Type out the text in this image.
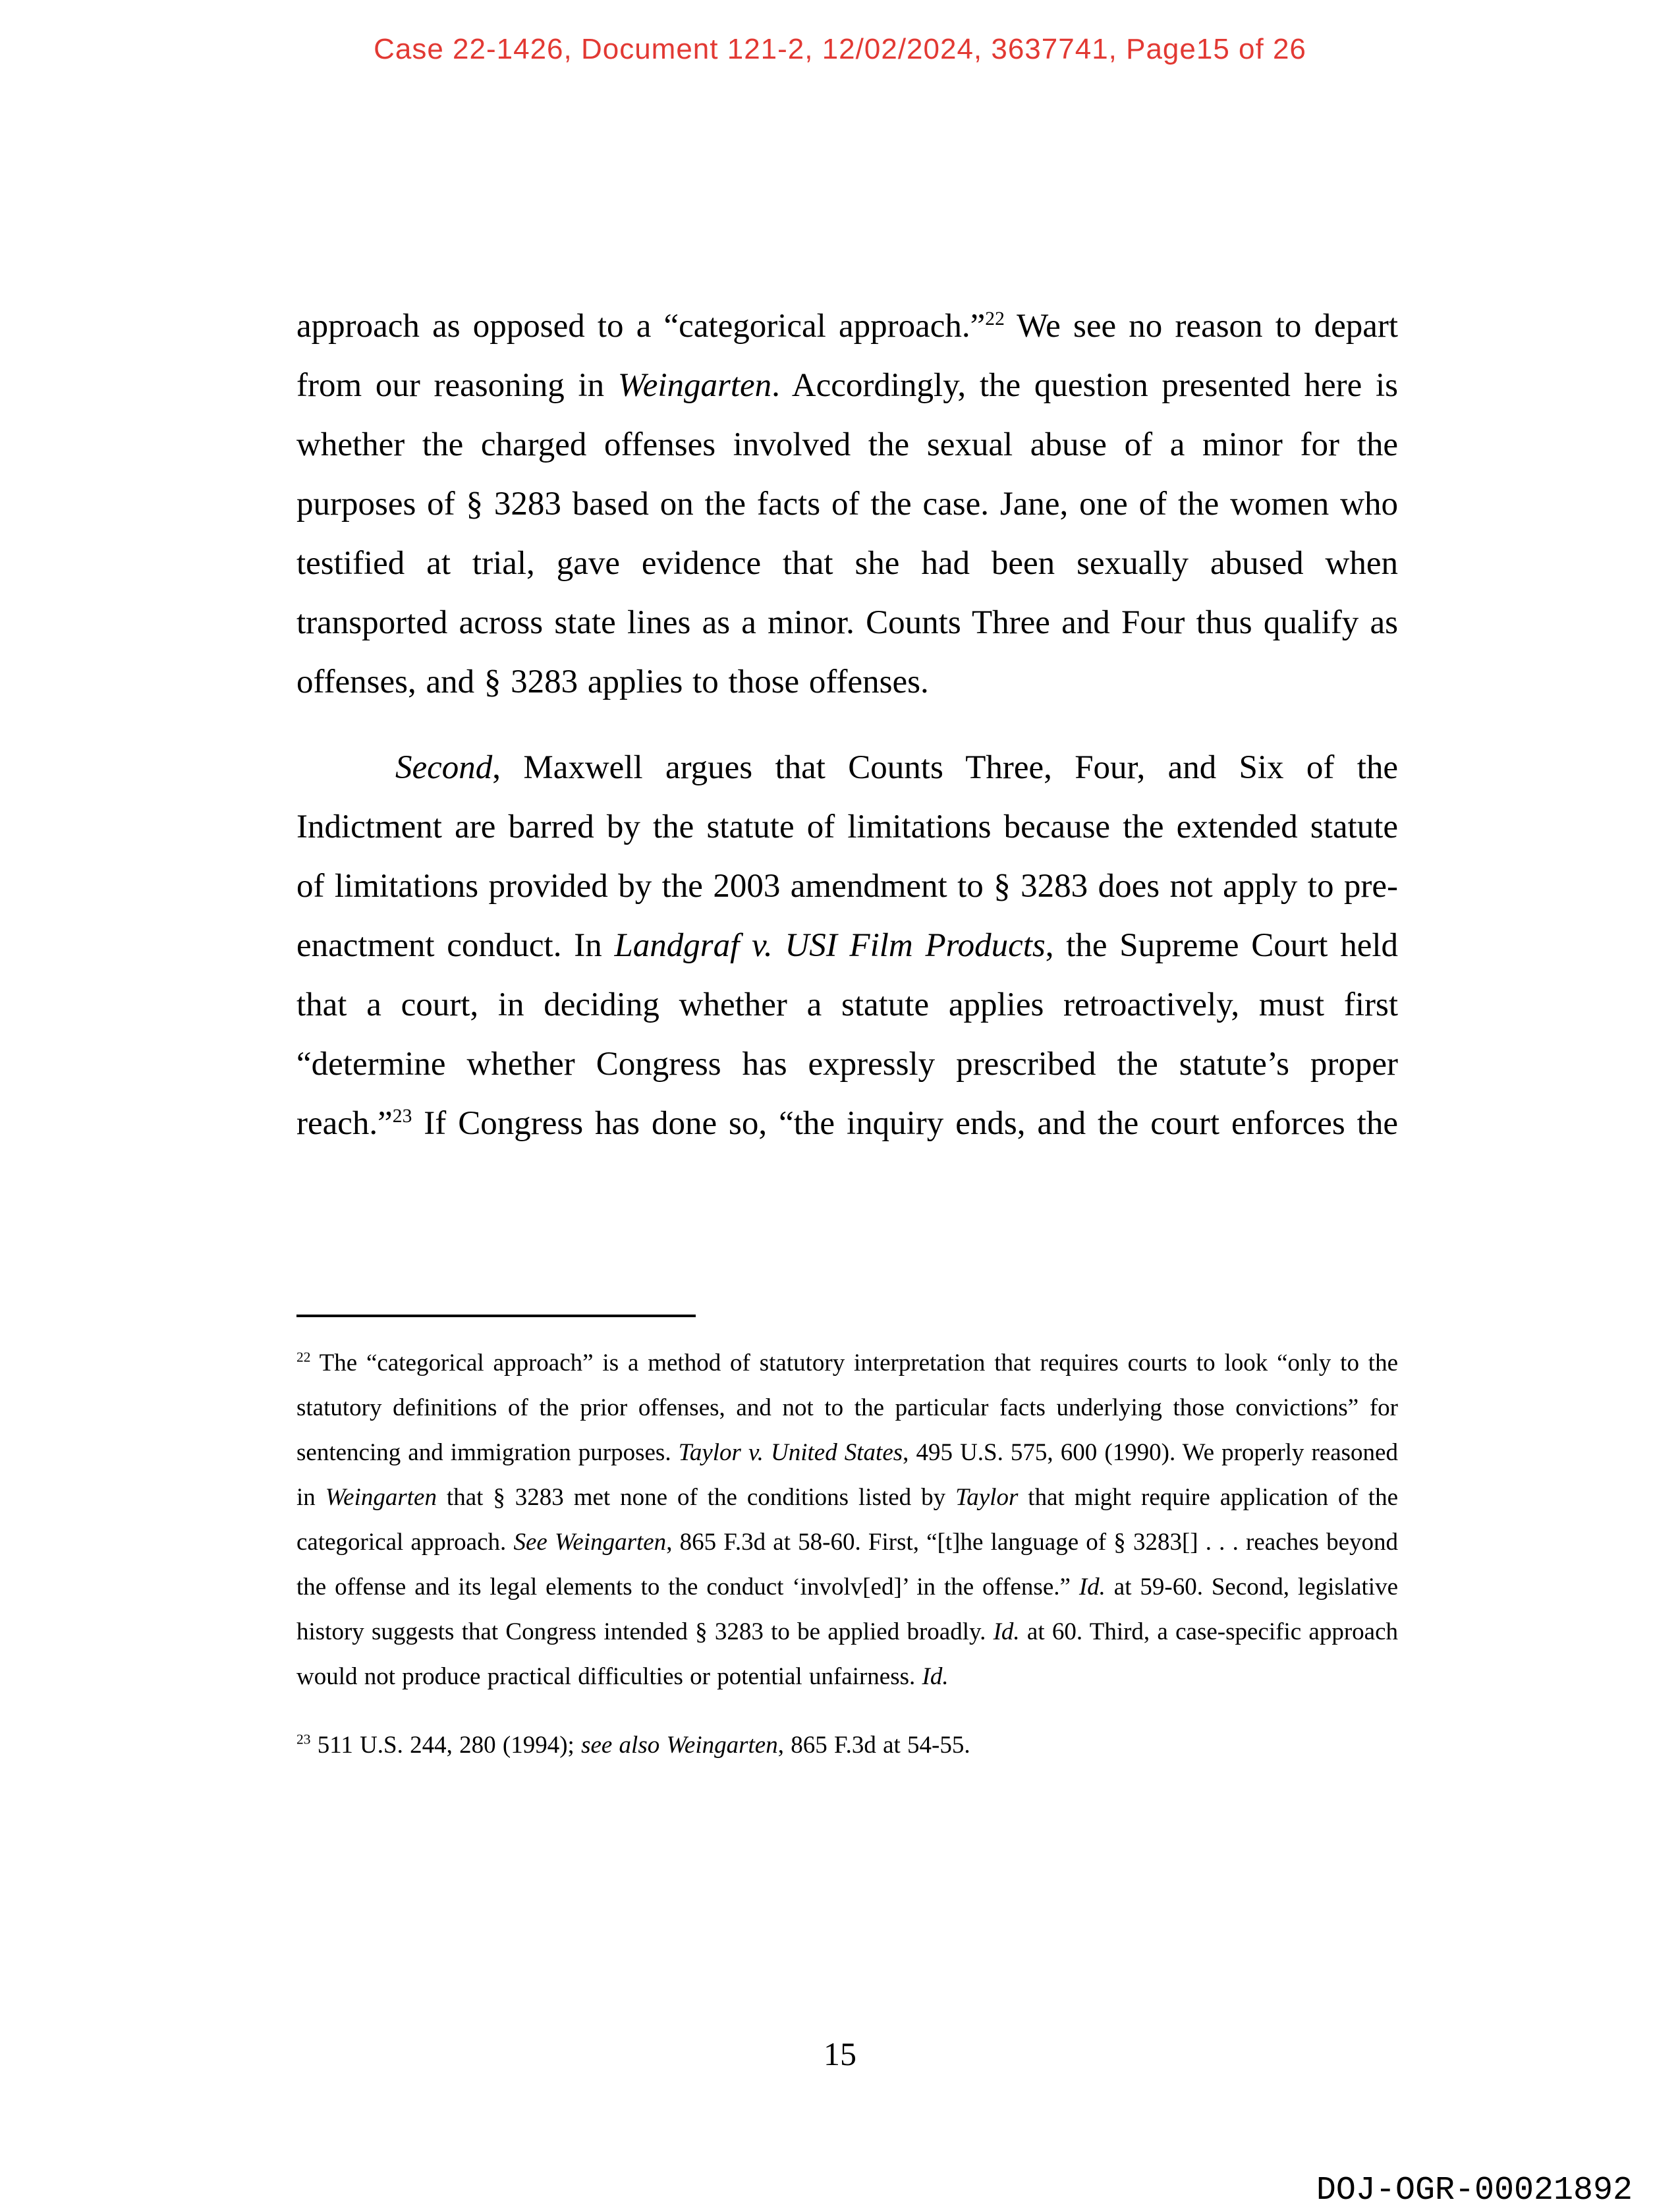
Case 22-1426, Document 121-2, 12/02/2024, 3637741, Page15 of 26

approach as opposed to a “categorical approach.”$^{22}$ We see no reason to depart from our reasoning in Weingarten. Accordingly, the question presented here is whether the charged offenses involved the sexual abuse of a minor for the purposes of § 3283 based on the facts of the case. Jane, one of the women who testified at trial, gave evidence that she had been sexually abused when transported across state lines as a minor. Counts Three and Four thus qualify as offenses, and § 3283 applies to those offenses.

Second, Maxwell argues that Counts Three, Four, and Six of the Indictment are barred by the statute of limitations because the extended statute of limitations provided by the 2003 amendment to § 3283 does not apply to pre-enactment conduct. In Landgraf v. USI Film Products, the Supreme Court held that a court, in deciding whether a statute applies retroactively, must first “determine whether Congress has expressly prescribed the statute’s proper reach.”$^{23}$ If Congress has done so, “the inquiry ends, and the court enforces the

$^{22}$ The “categorical approach” is a method of statutory interpretation that requires courts to look “only to the statutory definitions of the prior offenses, and not to the particular facts underlying those convictions” for sentencing and immigration purposes. Taylor v. United States, 495 U.S. 575, 600 (1990). We properly reasoned in Weingarten that § 3283 met none of the conditions listed by Taylor that might require application of the categorical approach. See Weingarten, 865 F.3d at 58-60. First, “[t]he language of § 3283[] . . . reaches beyond the offense and its legal elements to the conduct ‘involv[ed]’ in the offense.” Id. at 59-60. Second, legislative history suggests that Congress intended § 3283 to be applied broadly. Id. at 60. Third, a case-specific approach would not produce practical difficulties or potential unfairness. Id.

$^{23}$ 511 U.S. 244, 280 (1994); see also Weingarten, 865 F.3d at 54-55.

15
DOJ-OGR-00021892
